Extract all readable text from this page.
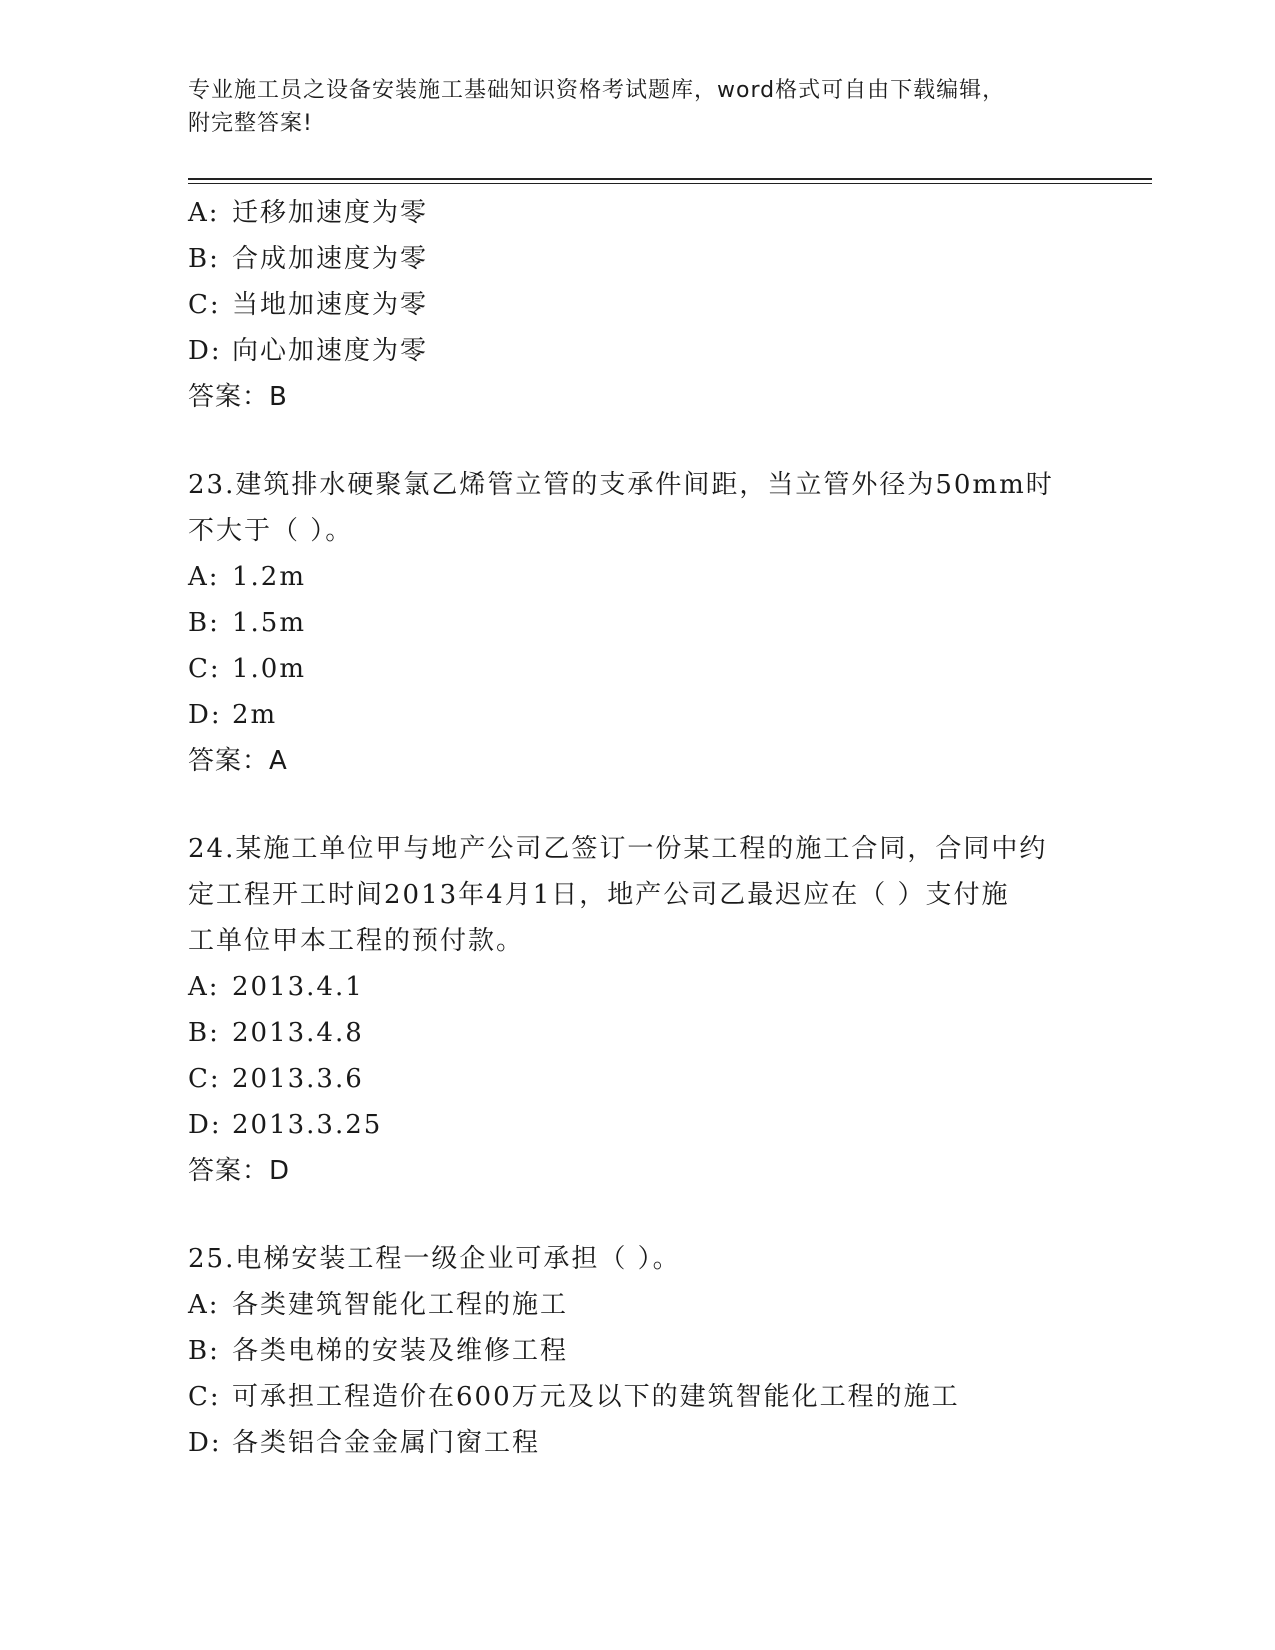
专业施工员之设备安装施工基础知识资格考试题库，word格式可自由下载编辑，
附完整答案!
A: 迁移加速度为零
B: 合成加速度为零
C: 当地加速度为零
D: 向心加速度为零
答案：B
23.建筑排水硬聚氯乙烯管立管的支承件间距，当立管外径为50mm时
不大于（ ）。
A: 1.2m
B: 1.5m
C: 1.0m
D: 2m
答案：A
24.某施工单位甲与地产公司乙签订一份某工程的施工合同，合同中约
定工程开工时间2013年4月1日，地产公司乙最迟应在（ ）支付施
工单位甲本工程的预付款。
A: 2013.4.1
B: 2013.4.8
C: 2013.3.6
D: 2013.3.25
答案：D
25.电梯安装工程一级企业可承担（ ）。
A: 各类建筑智能化工程的施工
B: 各类电梯的安装及维修工程
C: 可承担工程造价在600万元及以下的建筑智能化工程的施工
D: 各类铝合金金属门窗工程
